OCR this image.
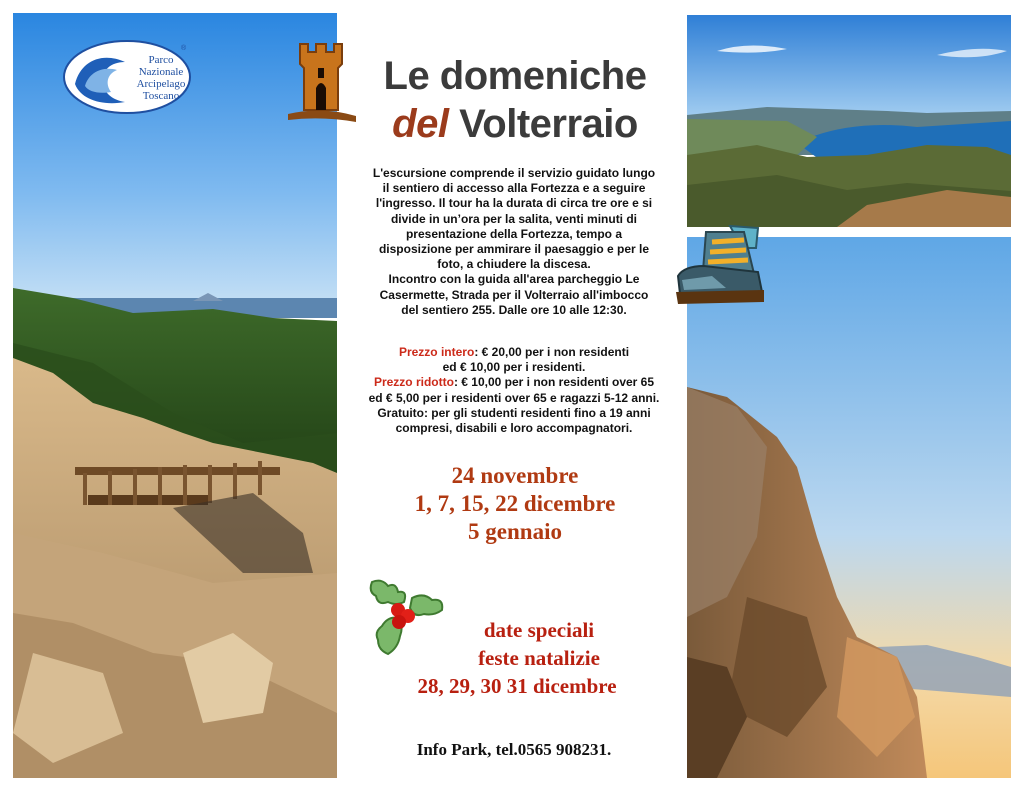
®
Parco
Nazionale
Arcipelago
Toscano	Le domeniche
del Volterraio

L'escursione comprende il servizio guidato lungo

il sentiero di accesso alla Fortezza e a seguire

l'ingresso. Il tour ha la durata di circa tre ore e si

divide in un’ora per la salita, venti minuti di

presentazione della Fortezza, tempo a

disposizione per ammirare il paesaggio e per le

foto, a chiudere la discesa.

Incontro con la guida all'area parcheggio Le

Casermette, Strada per il Volterraio all'imbocco

del sentiero 255. Dalle ore 10 alle 12:30.

Prezzo intero: € 20,00 per i non residenti

ed € 10,00 per i residenti.

Prezzo ridotto: € 10,00 per i non residenti over 65

ed € 5,00 per i residenti over 65 e ragazzi 5-12 anni.

Gratuito: per gli studenti residenti fino a 19 anni

compresi, disabili e loro accompagnatori.

24 novembre
1, 7, 15, 22 dicembre
5 gennaio
date speciali
feste natalizie
28, 29, 30 31 dicembre
Info Park, tel.0565 908231.
